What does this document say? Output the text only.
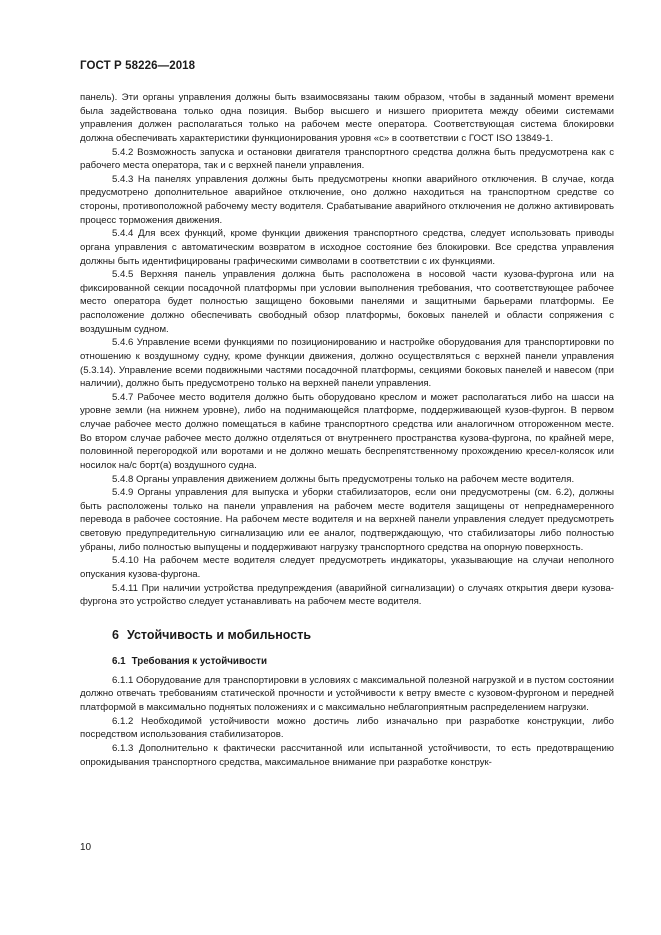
ГОСТ Р 58226—2018

панель). Эти органы управления должны быть взаимосвязаны таким образом, чтобы в заданный момент времени была задействована только одна позиция. Выбор высшего и низшего приоритета между обеими системами управления должен располагаться только на рабочем месте оператора. Соответствующая система блокировки должна обеспечивать характеристики функционирования уровня «c» в соответствии с ГОСТ ISO 13849-1.

5.4.2 Возможность запуска и остановки двигателя транспортного средства должна быть предусмотрена как с рабочего места оператора, так и с верхней панели управления.

5.4.3 На панелях управления должны быть предусмотрены кнопки аварийного отключения. В случае, когда предусмотрено дополнительное аварийное отключение, оно должно находиться на транспортном средстве со стороны, противоположной рабочему месту водителя. Срабатывание аварийного отключения не должно активировать процесс торможения движения.

5.4.4 Для всех функций, кроме функции движения транспортного средства, следует использовать приводы органа управления с автоматическим возвратом в исходное состояние без блокировки. Все средства управления должны быть идентифицированы графическими символами в соответствии с их функциями.

5.4.5 Верхняя панель управления должна быть расположена в носовой части кузова-фургона или на фиксированной секции посадочной платформы при условии выполнения требования, что соответствующее рабочее место оператора будет полностью защищено боковыми панелями и защитными барьерами платформы. Ее расположение должно обеспечивать свободный обзор платформы, боковых панелей и области сопряжения с воздушным судном.

5.4.6 Управление всеми функциями по позиционированию и настройке оборудования для транспортировки по отношению к воздушному судну, кроме функции движения, должно осуществляться с верхней панели управления (5.3.14). Управление всеми подвижными частями посадочной платформы, секциями боковых панелей и навесом (при наличии), должно быть предусмотрено только на верхней панели управления.

5.4.7 Рабочее место водителя должно быть оборудовано креслом и может располагаться либо на шасси на уровне земли (на нижнем уровне), либо на поднимающейся платформе, поддерживающей кузов-фургон. В первом случае рабочее место должно помещаться в кабине транспортного средства или аналогичном отгороженном месте. Во втором случае рабочее место должно отделяться от внутреннего пространства кузова-фургона, по крайней мере, половинной перегородкой или воротами и не должно мешать беспрепятственному прохождению кресел-колясок или носилок на/с борт(а) воздушного судна.

5.4.8 Органы управления движением должны быть предусмотрены только на рабочем месте водителя.

5.4.9 Органы управления для выпуска и уборки стабилизаторов, если они предусмотрены (см. 6.2), должны быть расположены только на панели управления на рабочем месте водителя защищены от непреднамеренного перевода в рабочее состояние. На рабочем месте водителя и на верхней панели управления следует предусмотреть световую предупредительную сигнализацию или ее аналог, подтверждающую, что стабилизаторы либо полностью убраны, либо полностью выпущены и поддерживают нагрузку транспортного средства на опорную поверхность.

5.4.10 На рабочем месте водителя следует предусмотреть индикаторы, указывающие на случаи неполного опускания кузова-фургона.

5.4.11 При наличии устройства предупреждения (аварийной сигнализации) о случаях открытия двери кузова-фургона это устройство следует устанавливать на рабочем месте водителя.

6 Устойчивость и мобильность
6.1 Требования к устойчивости

6.1.1 Оборудование для транспортировки в условиях с максимальной полезной нагрузкой и в пустом состоянии должно отвечать требованиям статической прочности и устойчивости к ветру вместе с кузовом-фургоном и передней платформой в максимально поднятых положениях и с максимально неблагоприятным распределением нагрузки.

6.1.2 Необходимой устойчивости можно достичь либо изначально при разработке конструкции, либо посредством использования стабилизаторов.

6.1.3 Дополнительно к фактически рассчитанной или испытанной устойчивости, то есть предотвращению опрокидывания транспортного средства, максимальное внимание при разработке конструк-

10
